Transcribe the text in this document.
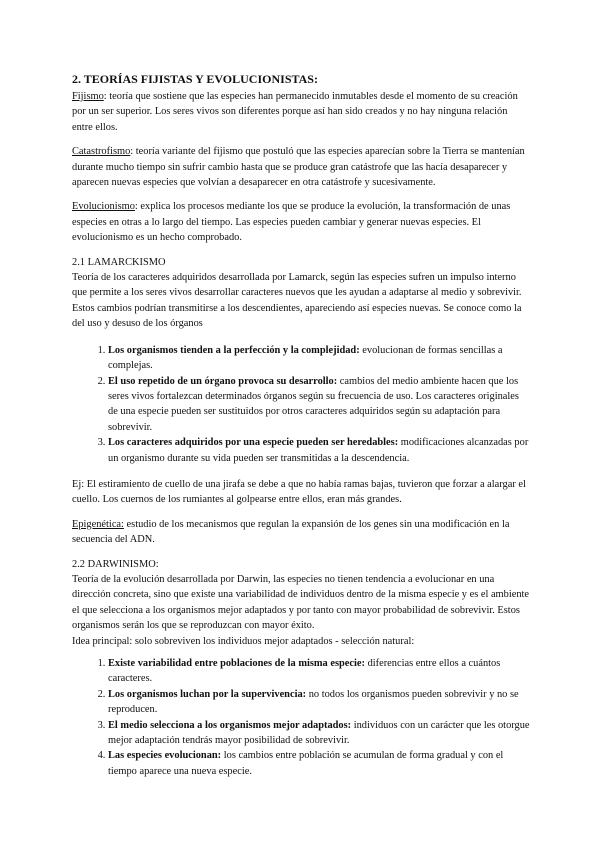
2. TEORÍAS FIJISTAS Y EVOLUCIONISTAS:

Fijismo: teoría que sostiene que las especies han permanecido inmutables desde el momento de su creación por un ser superior. Los seres vivos son diferentes porque así han sido creados y no hay ninguna relación entre ellos.

Catastrofismo: teoría variante del fijismo que postuló que las especies aparecían sobre la Tierra se mantenían durante mucho tiempo sin sufrir cambio hasta que se produce gran catástrofe que las hacía desaparecer y aparecen nuevas especies que volvían a desaparecer en otra catástrofe y sucesivamente.

Evolucionismo: explica los procesos mediante los que se produce la evolución, la transformación de unas especies en otras a lo largo del tiempo. Las especies pueden cambiar y generar nuevas especies. El evolucionismo es un hecho comprobado.

2.1 LAMARCKISMO

Teoría de los caracteres adquiridos desarrollada por Lamarck, según las especies sufren un impulso interno que permite a los seres vivos desarrollar caracteres nuevos que les ayudan a adaptarse al medio y sobrevivir. Estos cambios podrían transmitirse a los descendientes, apareciendo así especies nuevas. Se conoce como la del uso y desuso de los órganos

1. Los organismos tienden a la perfección y la complejidad: evolucionan de formas sencillas a complejas.
2. El uso repetido de un órgano provoca su desarrollo: cambios del medio ambiente hacen que los seres vivos fortalezcan determinados órganos según su frecuencia de uso. Los caracteres originales de una especie pueden ser sustituidos por otros caracteres adquiridos según su adaptación para sobrevivir.
3. Los caracteres adquiridos por una especie pueden ser heredables: modificaciones alcanzadas por un organismo durante su vida pueden ser transmitidas a la descendencia.

Ej: El estiramiento de cuello de una jirafa se debe a que no había ramas bajas, tuvieron que forzar a alargar el cuello. Los cuernos de los rumiantes al golpearse entre ellos, eran más grandes.

Epigenética: estudio de los mecanismos que regulan la expansión de los genes sin una modificación en la secuencia del ADN.

2.2 DARWINISMO:

Teoría de la evolución desarrollada por Darwin, las especies no tienen tendencia a evolucionar en una dirección concreta, sino que existe una variabilidad de individuos dentro de la misma especie y es el ambiente el que selecciona a los organismos mejor adaptados y por tanto con mayor probabilidad de sobrevivir. Estos organismos serán los que se reproduzcan con mayor éxito.

Idea principal: solo sobreviven los individuos mejor adaptados - selección natural:

1. Existe variabilidad entre poblaciones de la misma especie: diferencias entre ellos a cuántos caracteres.
2. Los organismos luchan por la supervivencia: no todos los organismos pueden sobrevivir y no se reproducen.
3. El medio selecciona a los organismos mejor adaptados: individuos con un carácter que les otorgue mejor adaptación tendrás mayor posibilidad de sobrevivir.
4. Las especies evolucionan: los cambios entre población se acumulan de forma gradual y con el tiempo aparece una nueva especie.
